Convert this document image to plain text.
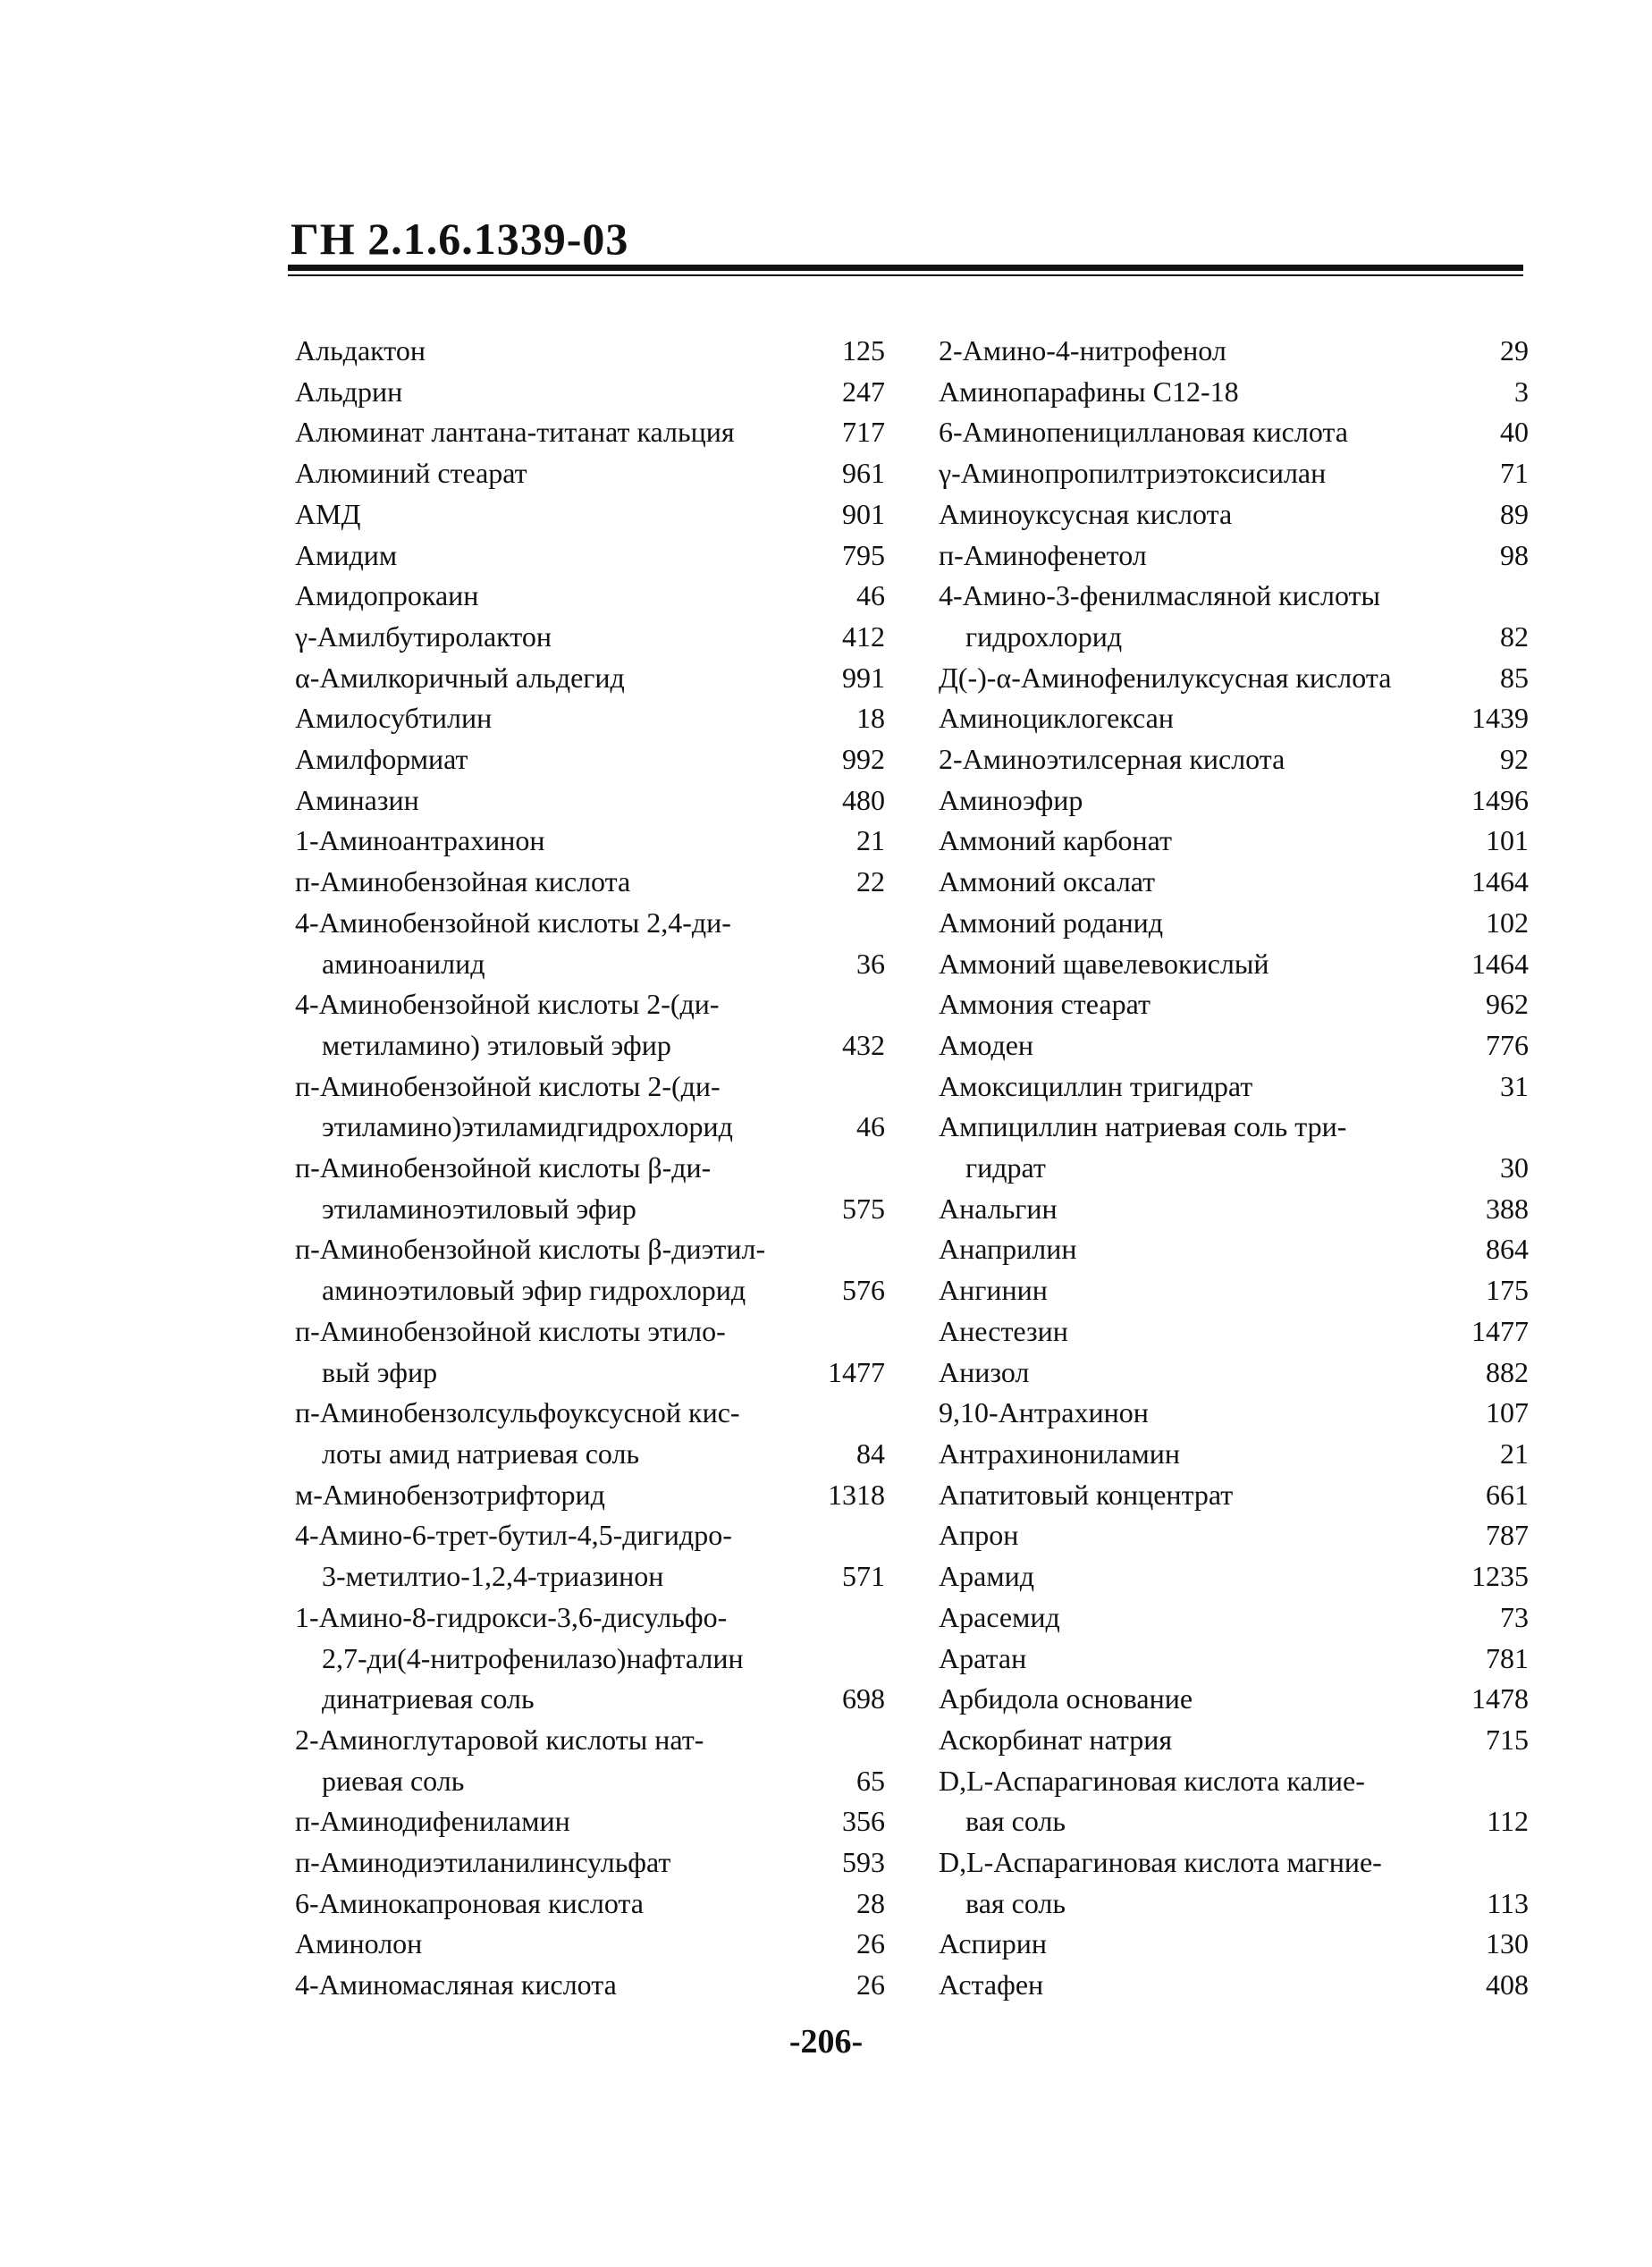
ГН 2.1.6.1339-03
Альдактон	125
Альдрин	247
Алюминат лантана-титанат кальция	717
Алюминий стеарат	961
АМД	901
Амидим	795
Амидопрокаин	46
γ-Амилбутиролактон	412
α-Амилкоричный альдегид	991
Амилосубтилин	18
Амилформиат	992
Аминазин	480
1-Аминоантрахинон	21
п-Аминобензойная кислота	22
4-Аминобензойной кислоты 2,4-ди-
аминоанилид	36
4-Аминобензойной кислоты 2-(ди-
метиламино) этиловый эфир	432
п-Аминобензойной кислоты 2-(ди-
этиламино)этиламидгидрохлорид	46
п-Аминобензойной кислоты β-ди-
этиламиноэтиловый эфир	575
п-Аминобензойной кислоты β-диэтил-
аминоэтиловый эфир гидрохлорид	576
п-Аминобензойной кислоты этило-
вый эфир	1477
п-Аминобензолсульфоуксусной кис-
лоты амид натриевая соль	84
м-Аминобензотрифторид	1318
4-Амино-6-трет-бутил-4,5-дигидро-
3-метилтио-1,2,4-триазинон	571
1-Амино-8-гидрокси-3,6-дисульфо-
2,7-ди(4-нитрофенилазо)нафталин
динатриевая соль	698
2-Аминоглутаровой кислоты нат-
риевая соль	65
п-Аминодифениламин	356
п-Аминодиэтиланилинсульфат	593
6-Аминокапроновая кислота	28
Аминолон	26
4-Аминомасляная кислота	26
2-Амино-4-нитрофенол	29
Аминопарафины C12-18	3
6-Аминопенициллановая кислота	40
γ-Аминопропилтриэтоксисилан	71
Аминоуксусная кислота	89
п-Аминофенетол	98
4-Амино-3-фенилмасляной кислоты
гидрохлорид	82
Д(-)-α-Аминофенилуксусная кислота	85
Аминоциклогексан	1439
2-Аминоэтилсерная кислота	92
Аминоэфир	1496
Аммоний карбонат	101
Аммоний оксалат	1464
Аммоний роданид	102
Аммоний щавелевокислый	1464
Аммония стеарат	962
Амоден	776
Амоксициллин тригидрат	31
Ампициллин натриевая соль три-
гидрат	30
Анальгин	388
Анаприлин	864
Ангинин	175
Анестезин	1477
Анизол	882
9,10-Антрахинон	107
Антрахинониламин	21
Апатитовый концентрат	661
Апрон	787
Арамид	1235
Арасемид	73
Аратан	781
Арбидола основание	1478
Аскорбинат натрия	715
D,L-Аспарагиновая кислота калие-
вая соль	112
D,L-Аспарагиновая кислота магние-
вая соль	113
Аспирин	130
Астафен	408
-206-
